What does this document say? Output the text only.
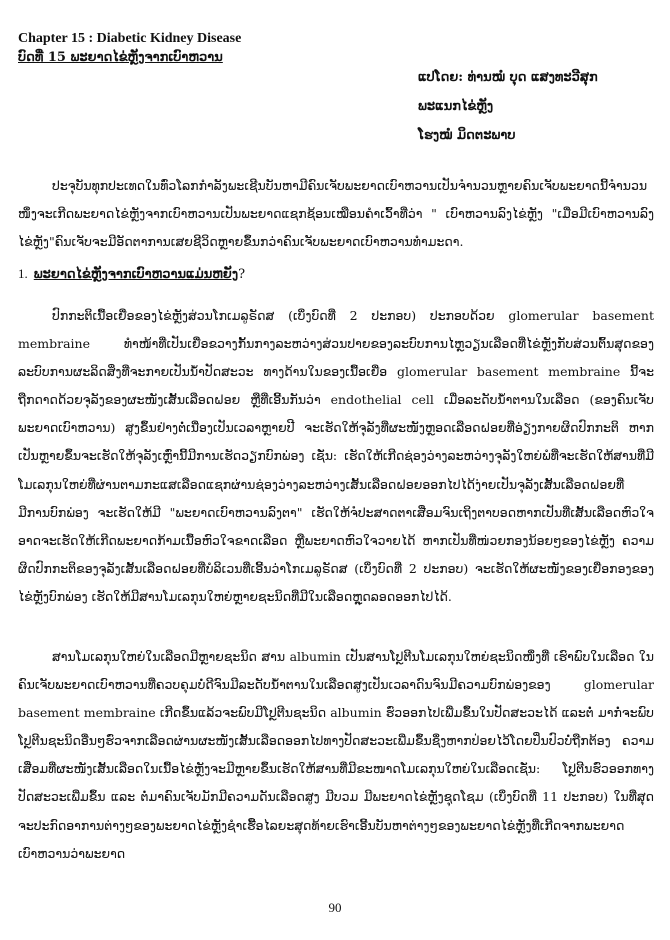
Chapter 15 : Diabetic Kidney Disease
ບົດທີ່ 15 ພະຍາດໄຂ່ຫຼັງຈາກເບົາຫວານ
ແປໂດຍ: ທ່ານໝໍ ບຸດ ແສງທະວີສຸກ
ພະແນກໄຂ່ຫຼັງ
ໂຮງໝໍ ມິດຕະພາບ
ປະຈຸບັນທຸກປະເທດໃນທົ່ວໂລກກຳລັງພະເຊີນບັນຫາມີຄົນເຈັບພະຍາດເບົາຫວານເປັນຈຳນວນຫຼາຍຄົນເຈັບພະຍາດນີ້ຈຳນວນໜຶ່ງຈະເກີດພະຍາດໄຂ່ຫຼັງຈາກເບົາຫວານເປັນພະຍາດແຊກຊ້ອນເໝືອນຄຳເວົ້າທີ່ວ່າ " ເບົາຫວານລົງໄຂ່ຫຼັງ "ເມື່ອມີເບົາຫວານລົງໄຂ່ຫຼັງ"ຄົນເຈັບຈະມີອັດຕາການເສຍຊີວິດຫຼາຍຂຶ້ນກວ່າຄົນເຈັບພະຍາດເບົາຫວານທຳມະດາ.
1. ພະຍາດໄຂ່ຫຼັງຈາກເບົາຫວານແມ່ນຫຍັງ?
ປົກກະຕິເນື້ອເຍື່ອຂອງໄຂ່ຫຼັງສ່ວນໂກເມລູຣັດສ (ເບິ່ງບົດທີ່ 2 ປະກອບ) ປະກອບດ້ວຍ glomerular basement membraine ທຳໜ້າທີ່ເປັນເຍື່ອຂວາງກັ້ນກາງລະຫວ່າງສ່ວນປາຍຂອງລະບົບການໄຫຼວຽນເລືອດທີ່ໄຂ່ຫຼັງກັບສ່ວນຕົ້ນສຸດຂອງລະບົບການຜະລິດສິ່ງທີ່ຈະກາຍເປັນນ້ຳປັດສະວະ ທາງດ້ານໃນຂອງເນື້ອເຍື່ອ glomerular basement membraine ນີ້ຈະຖືກດາດດ້ວຍຈຸລັງຂອງຜະໜັງເສັ້ນເລືອດຝອຍ ຫຼືທີ່ເອີ້ນກັນວ່າ endothelial cell ເມື່ອລະດັບນ້ຳຕານໃນເລືອດ (ຂອງຄົນເຈັບພະຍາດເບົາຫວານ) ສູງຂຶ້ນຢ່າງຕໍ່ເນື່ອງເປັນເວລາຫຼາຍປີ ຈະເຮັດໃຫ້ຈຸລັງທີ່ຜະໜັງຫຼອດເລືອດຝອຍທີ່ອ່ຽງກາຍຜິດປົກກະຕິ ຫາກເປັນຫຼາຍຂຶ້ນຈະເຮັດໃຫ້ຈຸລັງເຫຼົ່ານີ້ມີການເຮັດວຽກບົກພ່ອງ ເຊັ່ນ: ເຮັດໃຫ້ເກີດຊ່ອງວ່າງລະຫວ່າງຈຸລັງໃຫຍ່ພໍທີ່ຈະເຮັດໃຫ້ສານທີ່ມີໂມເລກຸນໃຫຍ່ທີ່ຜ່ານຕາມກະແສເລືອດແຊກຜ່ານຊ່ອງວ່າງລະຫວ່າງເສັ້ນເລືອດຝອຍອອກໄປໄດ້ງ່າຍເປັນຈຸລັງເສັ້ນເລືອດຝອຍທີ່ມີການບົກພ່ອງ ຈະເຮັດໃຫ້ມີ "ພະຍາດເບົາຫວານລົງຕາ" ເຮັດໃຫ້ຈໍປະສາດຕາເສື່ອມຈົນເຖິງຕາບອດຫາກເປັນທີ່ເສັ້ນເລືອດຫົວໃຈອາດຈະເຮັດໃຫ້ເກີດພະຍາດກ້າມເນື້ອຫົວໃຈຂາດເລືອດ ຫຼືພະຍາດຫົວໃຈວາຍໄດ້ ຫາກເປັນທີ່ໜ່ວຍກອງນ້ອຍໆຂອງໄຂ່ຫຼັງ ຄວາມຜິດປົກກະຕິຂອງຈຸລັງເສັ້ນເລືອດຝອຍທີ່ບໍລິເວນທີ່ເອີ້ນວ່າໂກເມລູຣັດສ (ເບິ່ງບົດທີ່ 2 ປະກອບ) ຈະເຮັດໃຫ້ຜະໜັງຂອງເຍື່ອກອງຂອງໄຂ່ຫຼັງບົກພ່ອງ ເຮັດໃຫ້ມີສານໂມເລກຸນໃຫຍ່ຫຼາຍຊະນິດທີ່ມີໃນເລືອດຫຼຸດລອດອອກໄປໄດ້.
ສານໂມເລກຸນໃຫຍ່ໃນເລືອດມີຫຼາຍຊະນິດ ສານ albumin ເປັນສານໂປຼຕີນໂມເລກຸນໃຫຍ່ຊະນິດໜຶ່ງທີ່ ເຮົາພົບໃນເລືອດ ໃນຄົນເຈັບພະຍາດເບົາຫວານທີ່ຄວບຄຸມບໍ່ດີຈົນມີລະດັບນ້ຳຕານໃນເລືອດສູງເປັນເວລາດົນຈົນມີຄວາມບົກພ່ອງຂອງ glomerular basement membraine ເກີດຂຶ້ນແລ້ວຈະພົບມີໂປຼຕີນຊະນິດ albumin ຮົ່ວອອກໄປເພີ່ມຂຶ້ນໃນປັດສະວະໄດ້ ແລະຕໍ່ ມາກໍ່ຈະພົບໂປຼຕີນຊະນິດອື່ນໆຮົ່ວຈາກເລືອດຜ່ານຜະໜັງເສັ້ນເລືອດອອກໄປທາງປັດສະວະເພີ່ມຂຶ້ນຊຶ່ງຫາກປ່ອຍໄວ້ໂດຍປິ່ນປົວບໍ່ຖືກຕ້ອງ ຄວາມເສື່ອມທີ່ຜະໜັງເສັ້ນເລືອດໃນເນື້ອໄຂ່ຫຼັງຈະມີຫຼາຍຂຶ້ນເຮັດໃຫ້ສານທີ່ມີຂະໜາດໂມເລກຸນໃຫຍ່ໃນເລືອດເຊັ່ນ: ໂປຼຕີນຮົ່ວອອກທາງປັດສະວະເພີ່ມຂຶ້ນ ແລະ ຕໍ່ມາຄົນເຈັບມັກມີຄວາມດັນເລືອດສູງ ມີບວມ ມີພະຍາດໄຂ່ຫຼັງຊຸດໂຊມ (ເບິ່ງບົດທີ່ 11 ປະກອບ) ໃນທີ່ສຸດຈະປະກົດອາການຕ່າງໆຂອງພະຍາດໄຂ່ຫຼັງຊໍາເຮື້ອໄລຍະສຸດທ້າຍເຮົາເອີ້ນບັນຫາຕ່າງໆຂອງພະຍາດໄຂ່ຫຼັງທີ່ເກີດຈາກພະຍາດເບົາຫວານວ່າພະຍາດ
90
